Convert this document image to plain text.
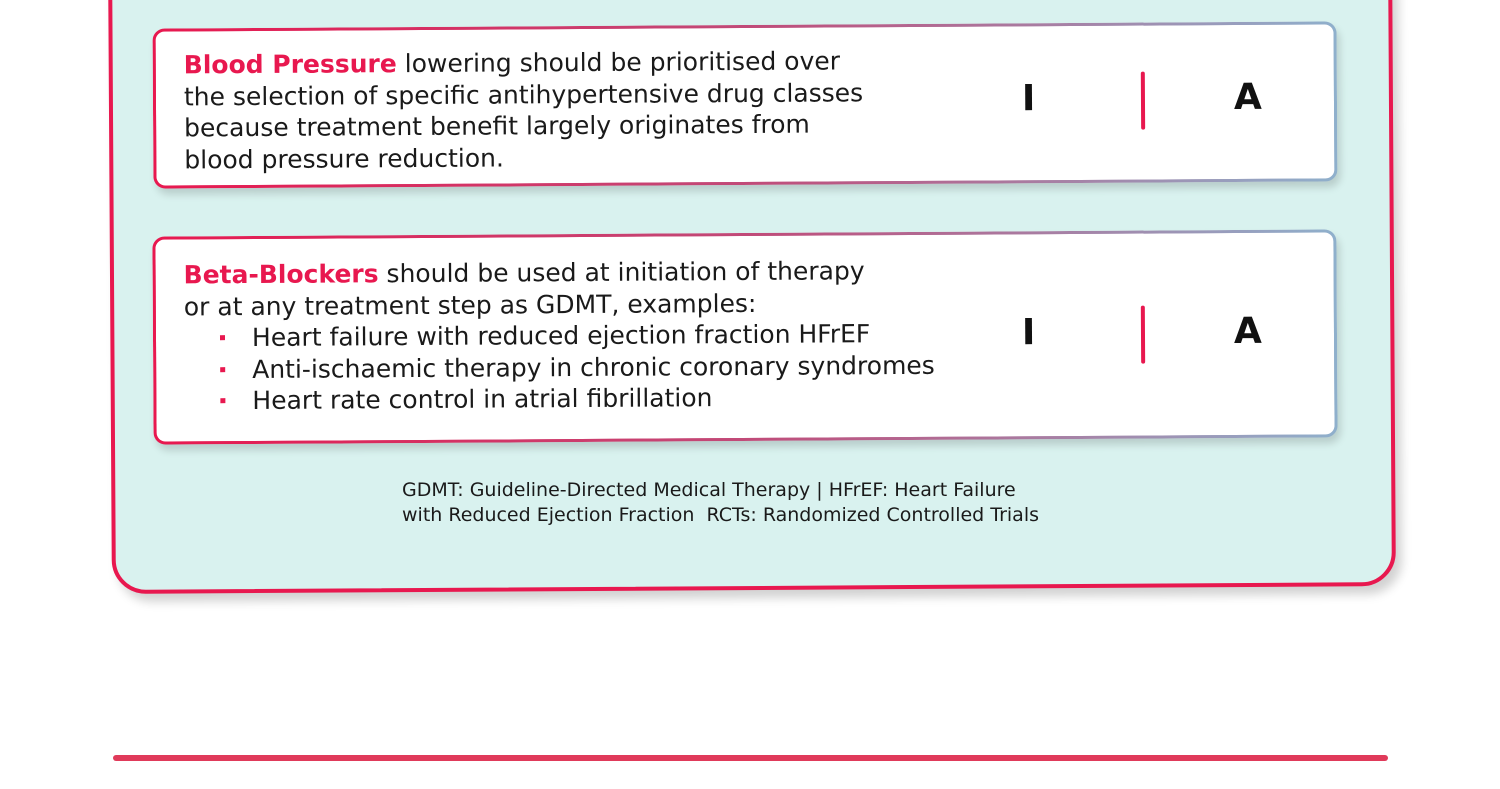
Blood Pressure lowering should be prioritised over
the selection of specific antihypertensive drug classes
because treatment benefit largely originates from
blood pressure reduction.
I	A
Beta-Blockers should be used at initiation of therapy
or at any treatment step as GDMT, examples:
Heart failure with reduced ejection fraction HFrEF
Anti-ischaemic therapy in chronic coronary syndromes
Heart rate control in atrial fibrillation
I	A
GDMT: Guideline-Directed Medical Therapy | HFrEF: Heart Failure
with Reduced Ejection Fraction  RCTs: Randomized Controlled Trials
